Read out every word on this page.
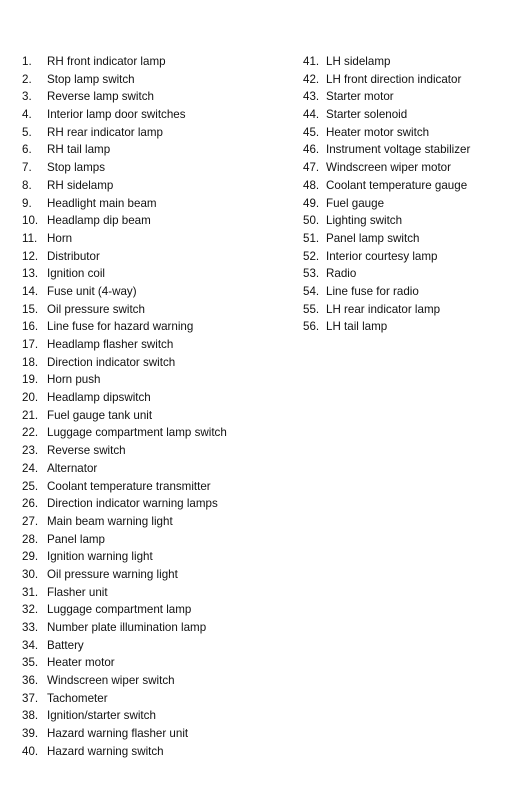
1.	RH front indicator lamp
2.	Stop lamp switch
3.	Reverse lamp switch
4.	Interior lamp door switches
5.	RH rear indicator lamp
6.	RH tail lamp
7.	Stop lamps
8.	RH sidelamp
9.	Headlight main beam
10. Headlamp dip beam
11. Horn
12. Distributor
13. Ignition coil
14. Fuse unit (4-way)
15. Oil pressure switch
16. Line fuse for hazard warning
17. Headlamp flasher switch
18. Direction indicator switch
19. Horn push
20. Headlamp dipswitch
21. Fuel gauge tank unit
22. Luggage compartment lamp switch
23. Reverse switch
24. Alternator
25. Coolant temperature transmitter
26. Direction indicator warning lamps
27. Main beam warning light
28. Panel lamp
29. Ignition warning light
30. Oil pressure warning light
31. Flasher unit
32. Luggage compartment lamp
33. Number plate illumination lamp
34. Battery
35. Heater motor
36. Windscreen wiper switch
37. Tachometer
38. Ignition/starter switch
39. Hazard warning flasher unit
40. Hazard warning switch
41. LH sidelamp
42. LH front direction indicator
43. Starter motor
44. Starter solenoid
45. Heater motor switch
46. Instrument voltage stabilizer
47. Windscreen wiper motor
48. Coolant temperature gauge
49. Fuel gauge
50. Lighting switch
51. Panel lamp switch
52. Interior courtesy lamp
53. Radio
54. Line fuse for radio
55. LH rear indicator lamp
56. LH tail lamp
